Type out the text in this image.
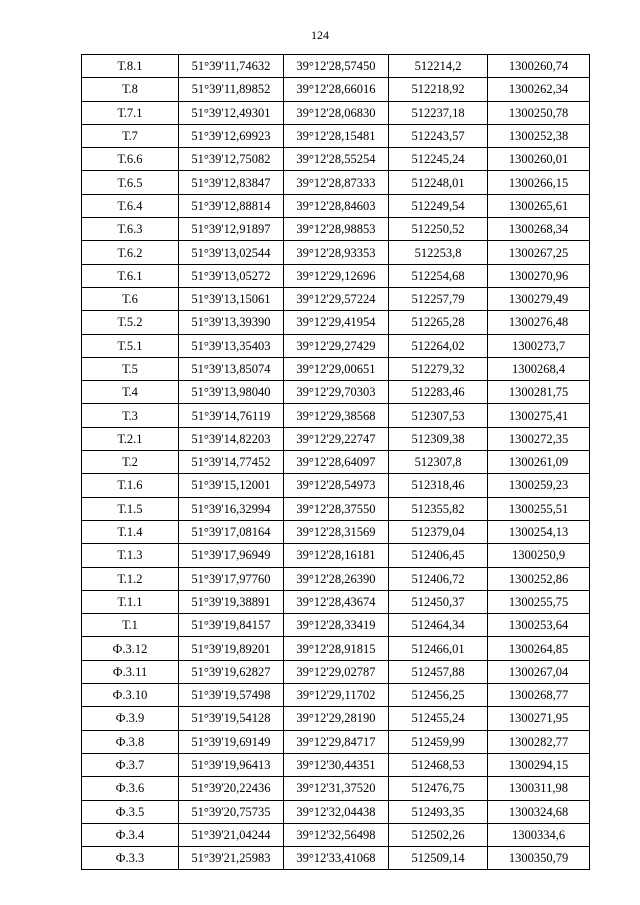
124
Т.8.1	51°39'11,74632	39°12'28,57450	512214,2	1300260,74
Т.8	51°39'11,89852	39°12'28,66016	512218,92	1300262,34
Т.7.1	51°39'12,49301	39°12'28,06830	512237,18	1300250,78
Т.7	51°39'12,69923	39°12'28,15481	512243,57	1300252,38
Т.6.6	51°39'12,75082	39°12'28,55254	512245,24	1300260,01
Т.6.5	51°39'12,83847	39°12'28,87333	512248,01	1300266,15
Т.6.4	51°39'12,88814	39°12'28,84603	512249,54	1300265,61
Т.6.3	51°39'12,91897	39°12'28,98853	512250,52	1300268,34
Т.6.2	51°39'13,02544	39°12'28,93353	512253,8	1300267,25
Т.6.1	51°39'13,05272	39°12'29,12696	512254,68	1300270,96
Т.6	51°39'13,15061	39°12'29,57224	512257,79	1300279,49
Т.5.2	51°39'13,39390	39°12'29,41954	512265,28	1300276,48
Т.5.1	51°39'13,35403	39°12'29,27429	512264,02	1300273,7
Т.5	51°39'13,85074	39°12'29,00651	512279,32	1300268,4
Т.4	51°39'13,98040	39°12'29,70303	512283,46	1300281,75
Т.3	51°39'14,76119	39°12'29,38568	512307,53	1300275,41
Т.2.1	51°39'14,82203	39°12'29,22747	512309,38	1300272,35
Т.2	51°39'14,77452	39°12'28,64097	512307,8	1300261,09
Т.1.6	51°39'15,12001	39°12'28,54973	512318,46	1300259,23
Т.1.5	51°39'16,32994	39°12'28,37550	512355,82	1300255,51
Т.1.4	51°39'17,08164	39°12'28,31569	512379,04	1300254,13
Т.1.3	51°39'17,96949	39°12'28,16181	512406,45	1300250,9
Т.1.2	51°39'17,97760	39°12'28,26390	512406,72	1300252,86
Т.1.1	51°39'19,38891	39°12'28,43674	512450,37	1300255,75
Т.1	51°39'19,84157	39°12'28,33419	512464,34	1300253,64
Ф.3.12	51°39'19,89201	39°12'28,91815	512466,01	1300264,85
Ф.3.11	51°39'19,62827	39°12'29,02787	512457,88	1300267,04
Ф.3.10	51°39'19,57498	39°12'29,11702	512456,25	1300268,77
Ф.3.9	51°39'19,54128	39°12'29,28190	512455,24	1300271,95
Ф.3.8	51°39'19,69149	39°12'29,84717	512459,99	1300282,77
Ф.3.7	51°39'19,96413	39°12'30,44351	512468,53	1300294,15
Ф.3.6	51°39'20,22436	39°12'31,37520	512476,75	1300311,98
Ф.3.5	51°39'20,75735	39°12'32,04438	512493,35	1300324,68
Ф.3.4	51°39'21,04244	39°12'32,56498	512502,26	1300334,6
Ф.3.3	51°39'21,25983	39°12'33,41068	512509,14	1300350,79
